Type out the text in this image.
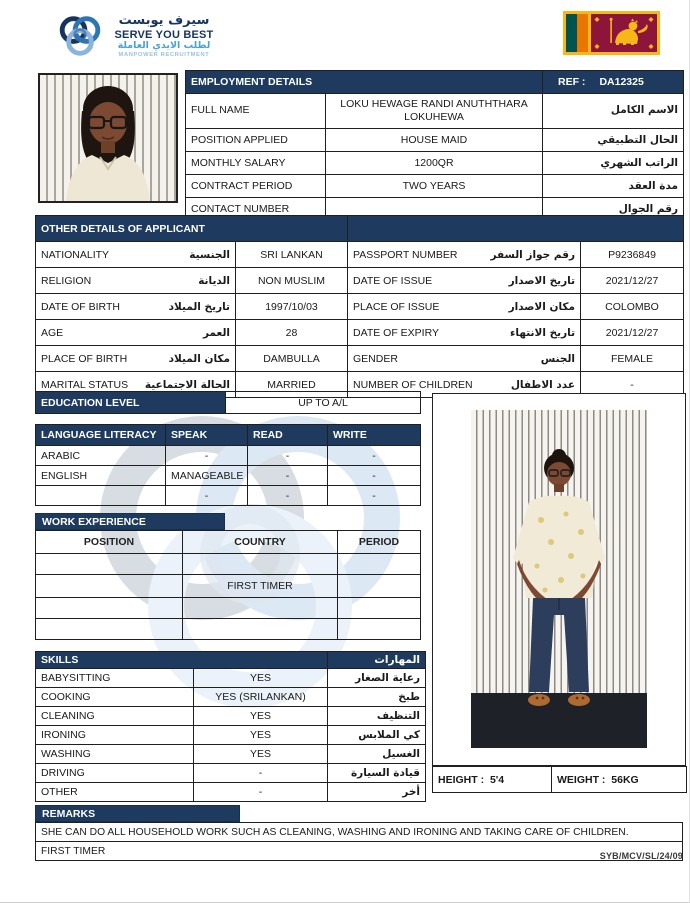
سيرف يوبست
SERVE YOU BEST
لطلب الايدي العاملة
MANPOWER RECRUITMENT
EMPLOYMENT DETAILS		REF : DA12325

FULL NAME	LOKU HEWAGE RANDI ANUTHTHARA LOKUHEWA	الاسم الكامل
POSITION APPLIED	HOUSE MAID	الحال التطبيقي
MONTHLY SALARY	1200QR	الراتب الشهري
CONTRACT PERIOD	TWO YEARS	مدة العقد
CONTACT NUMBER		رقم الجوال
OTHER DETAILS OF APPLICANT			

NATIONALITY الجنسية	SRI LANKAN	PASSPORT NUMBER رقم جواز السفر	P9236849

RELIGION الديانة	NON MUSLIM	DATE OF ISSUE تاريخ الاصدار	2021/12/27

DATE OF BIRTH تاريخ الميلاد	1997/10/03	PLACE OF ISSUE مكان الاصدار	COLOMBO

AGE العمر	28	DATE OF EXPIRY تاريخ الانتهاء	2021/12/27

PLACE OF BIRTH مكان الميلاد	DAMBULLA	GENDER الجنس	FEMALE

MARITAL STATUS الحالة الاجتماعية	MARRIED	NUMBER OF CHILDREN عدد الاطفال	-
EDUCATION LEVEL	UP TO A/L
LANGUAGE LITERACY	SPEAK	READ	WRITE
ARABIC	-	-	-
ENGLISH	MANAGEABLE	-	-
	-	-	-
WORK EXPERIENCE
POSITION	COUNTRY	PERIOD

	FIRST TIMER	

SKILLS		المهارات
BABYSITTING	YES	رعاية الصغار
COOKING	YES (SRILANKAN)	طبخ
CLEANING	YES	التنظيف
IRONING	YES	كي الملابس
WASHING	YES	الغسيل
DRIVING	-	قيادة السيارة
OTHER	-	أخر
HEIGHT : 5'4	WEIGHT : 56KG
REMARKS
SHE CAN DO ALL HOUSEHOLD WORK SUCH AS CLEANING, WASHING AND IRONING AND TAKING CARE OF CHILDREN.
FIRST TIMER	SYB/MCV/SL/24/09
